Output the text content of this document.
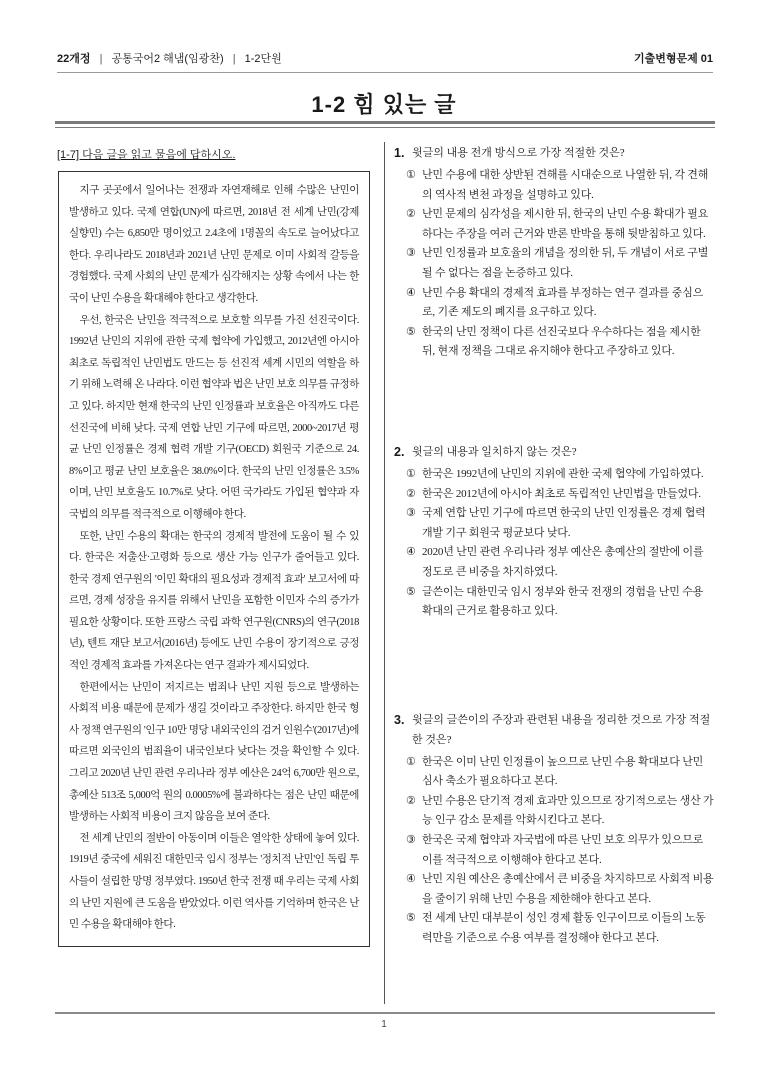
22개정 | 공통국어2 해냄(임광찬) | 1-2단원	기출변형문제 01
1-2 힘 있는 글
[1-7] 다음 글을 읽고 물음에 답하시오.

지구 곳곳에서 일어나는 전쟁과 자연재해로 인해 수많은 난민이 발생하고 있다. 국제 연합(UN)에 따르면, 2018년 전 세계 난민(강제 실향민) 수는 6,850만 명이었고 2.4초에 1명꼴의 속도로 늘어났다고 한다. 우리나라도 2018년과 2021년 난민 문제로 이미 사회적 갈등을 경험했다. 국제 사회의 난민 문제가 심각해지는 상황 속에서 나는 한국이 난민 수용을 확대해야 한다고 생각한다.

우선, 한국은 난민을 적극적으로 보호할 의무를 가진 선진국이다. 1992년 난민의 지위에 관한 국제 협약에 가입했고, 2012년엔 아시아 최초로 독립적인 난민법도 만드는 등 선진적 세계 시민의 역할을 하기 위해 노력해 온 나라다. 이런 협약과 법은 난민 보호 의무를 규정하고 있다. 하지만 현재 한국의 난민 인정률과 보호율은 아직까도 다른 선진국에 비해 낮다. 국제 연합 난민 기구에 따르면, 2000~2017년 평균 난민 인정률은 경제 협력 개발 기구(OECD) 회원국 기준으로 24.8%이고 평균 난민 보호율은 38.0%이다. 한국의 난민 인정률은 3.5%이며, 난민 보호율도 10.7%로 낮다. 어떤 국가라도 가입된 협약과 자국법의 의무를 적극적으로 이행해야 한다.

또한, 난민 수용의 확대는 한국의 경제적 발전에 도움이 될 수 있다. 한국은 저출산·고령화 등으로 생산 가능 인구가 줄어들고 있다. 한국 경제 연구원의 '이민 확대의 필요성과 경제적 효과' 보고서에 따르면, 경제 성장을 유지를 위해서 난민을 포함한 이민자 수의 증가가 필요한 상황이다. 또한 프랑스 국립 과학 연구원(CNRS)의 연구(2018년), 텐트 재단 보고서(2016년) 등에도 난민 수용이 장기적으로 긍정적인 경제적 효과를 가져온다는 연구 결과가 제시되었다.

한편에서는 난민이 저지르는 범죄나 난민 지원 등으로 발생하는 사회적 비용 때문에 문제가 생길 것이라고 주장한다. 하지만 한국 형사 정책 연구원의 '인구 10만 명당 내외국인의 검거 인원수'(2017년)에 따르면 외국인의 범죄율이 내국인보다 낮다는 것을 확인할 수 있다. 그리고 2020년 난민 관련 우리나라 정부 예산은 24억 6,700만 원으로, 총예산 513조 5,000억 원의 0.0005%에 불과하다는 점은 난민 때문에 발생하는 사회적 비용이 크지 않음을 보여 준다.

전 세계 난민의 절반이 아동이며 이들은 열악한 상태에 놓여 있다. 1919년 중국에 세워진 대한민국 임시 정부는 '정치적 난민'인 독립 투사들이 설립한 망명 정부였다. 1950년 한국 전쟁 때 우리는 국제 사회의 난민 지원에 큰 도움을 받았었다. 이런 역사를 기억하며 한국은 난민 수용을 확대해야 한다.

1. 윗글의 내용 전개 방식으로 가장 적절한 것은?
① 난민 수용에 대한 상반된 견해를 시대순으로 나열한 뒤, 각 견해의 역사적 변천 과정을 설명하고 있다.
② 난민 문제의 심각성을 제시한 뒤, 한국의 난민 수용 확대가 필요하다는 주장을 여러 근거와 반론 반박을 통해 뒷받침하고 있다.
③ 난민 인정률과 보호율의 개념을 정의한 뒤, 두 개념이 서로 구별될 수 없다는 점을 논증하고 있다.
④ 난민 수용 확대의 경제적 효과를 부정하는 연구 결과를 중심으로, 기존 제도의 폐지를 요구하고 있다.
⑤ 한국의 난민 정책이 다른 선진국보다 우수하다는 점을 제시한 뒤, 현재 정책을 그대로 유지해야 한다고 주장하고 있다.
2. 윗글의 내용과 일치하지 않는 것은?
① 한국은 1992년에 난민의 지위에 관한 국제 협약에 가입하였다.
② 한국은 2012년에 아시아 최초로 독립적인 난민법을 만들었다.
③ 국제 연합 난민 기구에 따르면 한국의 난민 인정률은 경제 협력 개발 기구 회원국 평균보다 낮다.
④ 2020년 난민 관련 우리나라 정부 예산은 총예산의 절반에 이를 정도로 큰 비중을 차지하였다.
⑤ 글쓴이는 대한민국 임시 정부와 한국 전쟁의 경험을 난민 수용 확대의 근거로 활용하고 있다.
3. 윗글의 글쓴이의 주장과 관련된 내용을 정리한 것으로 가장 적절한 것은?
① 한국은 이미 난민 인정률이 높으므로 난민 수용 확대보다 난민 심사 축소가 필요하다고 본다.
② 난민 수용은 단기적 경제 효과만 있으므로 장기적으로는 생산 가능 인구 감소 문제를 악화시킨다고 본다.
③ 한국은 국제 협약과 자국법에 따른 난민 보호 의무가 있으므로 이를 적극적으로 이행해야 한다고 본다.
④ 난민 지원 예산은 총예산에서 큰 비중을 차지하므로 사회적 비용을 줄이기 위해 난민 수용을 제한해야 한다고 본다.
⑤ 전 세계 난민 대부분이 성인 경제 활동 인구이므로 이들의 노동력만을 기준으로 수용 여부를 결정해야 한다고 본다.
1
